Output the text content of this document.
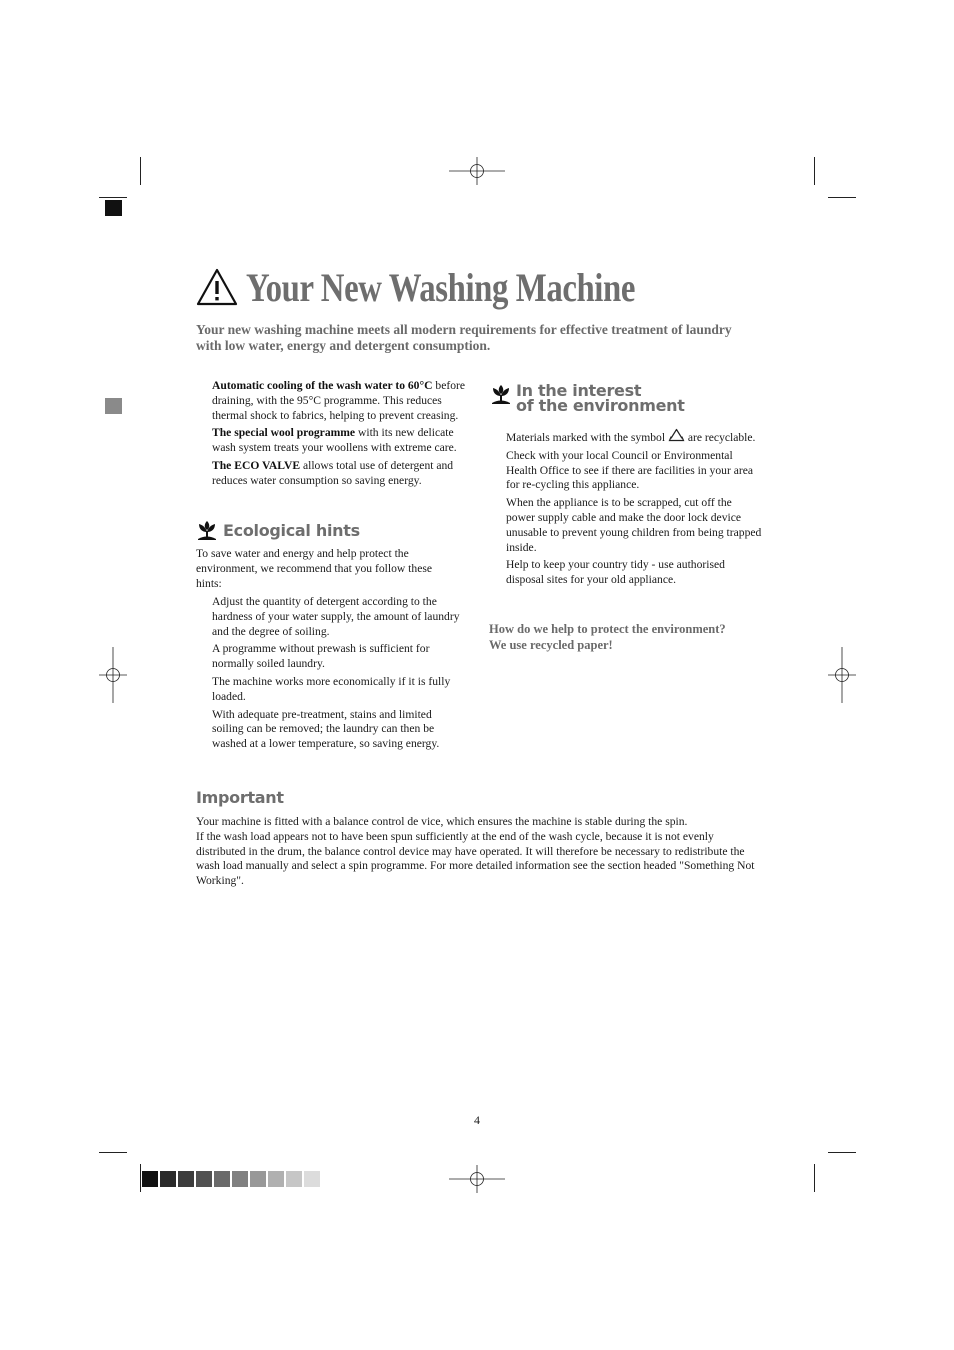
Your New Washing Machine
Your new washing machine meets all modern requirements for effective treatment of laundry with low water, energy and detergent consumption.

Automatic cooling of the wash water to 60°C before draining, with the 95°C programme. This reduces thermal shock to fabrics, helping to prevent creasing.

The special wool programme with its new delicate wash system treats your woollens with extreme care.

The ECO VALVE allows total use of detergent and reduces water consumption so saving energy.

Ecological hints
To save water and energy and help protect the environment, we recommend that you follow these hints:

Adjust the quantity of detergent according to the hardness of your water supply, the amount of laundry and the degree of soiling.

A programme without prewash is sufficient for normally soiled laundry.

The machine works more economically if it is fully loaded.

With adequate pre-treatment, stains and limited soiling can be removed; the laundry can then be washed at a lower temperature, so saving energy.

In the interest
of the environment

Materials marked with the symbol are recyclable.

Check with your local Council or Environmental Health Office to see if there are facilities in your area for re-cycling this appliance.

When the appliance is to be scrapped, cut off the power supply cable and make the door lock device unusable to prevent young children from being trapped inside.

Help to keep your country tidy - use authorised disposal sites for your old appliance.

How do we help to protect the environment?
We use recycled paper!
Important
Your machine is fitted with a balance control de vice, which ensures the machine is stable during the spin.
If the wash load appears not to have been spun sufficiently at the end of the wash cycle, because it is not evenly distributed in the drum, the balance control device may have operated. It will therefore be necessary to redistribute the wash load manually and select a spin programme. For more detailed information see the section headed "Something Not Working".
4
